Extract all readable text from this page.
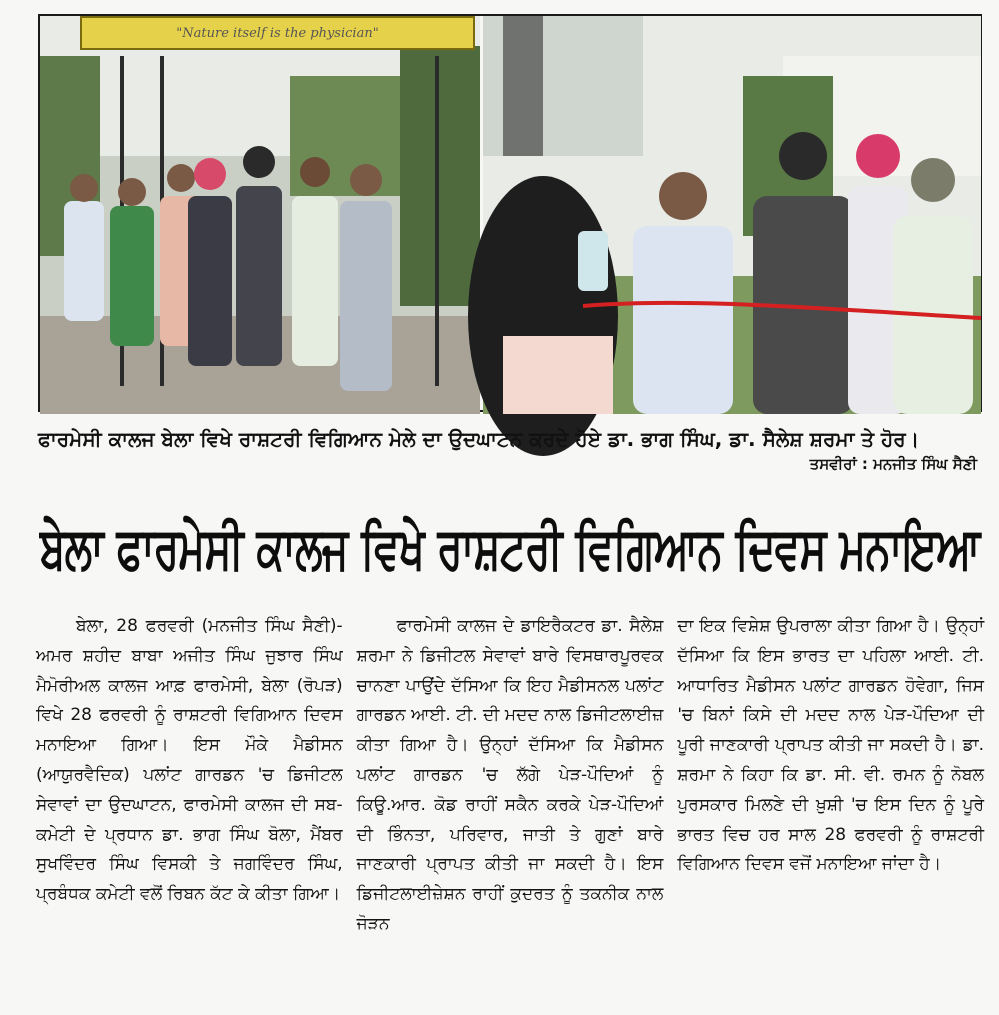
"Nature itself is the physician"
ਫਾਰਮੇਸੀ ਕਾਲਜ ਬੇਲਾ ਵਿਖੇ ਰਾਸ਼ਟਰੀ ਵਿਗਿਆਨ ਮੇਲੇ ਦਾ ਉਦਘਾਟਨ ਕਰਦੇ ਹੋਏ ਡਾ. ਭਾਗ ਸਿੰਘ, ਡਾ. ਸੈਲੇਸ਼ ਸ਼ਰਮਾ ਤੇ ਹੋਰ।
ਤਸਵੀਰਾਂ : ਮਨਜੀਤ ਸਿੰਘ ਸੈਣੀ
ਬੇਲਾ ਫਾਰਮੇਸੀ ਕਾਲਜ ਵਿਖੇ ਰਾਸ਼ਟਰੀ ਵਿਗਿਆਨ ਦਿਵਸ ਮਨਾਇਆ

ਬੇਲਾ, 28 ਫਰਵਰੀ (ਮਨਜੀਤ ਸਿੰਘ ਸੈਣੀ)-ਅਮਰ ਸ਼ਹੀਦ ਬਾਬਾ ਅਜੀਤ ਸਿੰਘ ਜੁਝਾਰ ਸਿੰਘ ਮੈਮੋਰੀਅਲ ਕਾਲਜ ਆਫ਼ ਫਾਰਮੇਸੀ, ਬੇਲਾ (ਰੋਪੜ) ਵਿਖੇ 28 ਫਰਵਰੀ ਨੂੰ ਰਾਸ਼ਟਰੀ ਵਿਗਿਆਨ ਦਿਵਸ ਮਨਾਇਆ ਗਿਆ। ਇਸ ਮੌਕੇ ਮੈਡੀਸਨ (ਆਯੁਰਵੈਦਿਕ) ਪਲਾਂਟ ਗਾਰਡਨ 'ਚ ਡਿਜੀਟਲ ਸੇਵਾਵਾਂ ਦਾ ਉਦਘਾਟਨ, ਫਾਰਮੇਸੀ ਕਾਲਜ ਦੀ ਸਬ-ਕਮੇਟੀ ਦੇ ਪ੍ਰਧਾਨ ਡਾ. ਭਾਗ ਸਿੰਘ ਬੋਲਾ, ਮੈਂਬਰ ਸੁਖਵਿੰਦਰ ਸਿੰਘ ਵਿਸਕੀ ਤੇ ਜਗਵਿੰਦਰ ਸਿੰਘ, ਪ੍ਰਬੰਧਕ ਕਮੇਟੀ ਵਲੋਂ ਰਿਬਨ ਕੱਟ ਕੇ ਕੀਤਾ ਗਿਆ।

ਫਾਰਮੇਸੀ ਕਾਲਜ ਦੇ ਡਾਇਰੈਕਟਰ ਡਾ. ਸੈਲੇਸ਼ ਸ਼ਰਮਾ ਨੇ ਡਿਜੀਟਲ ਸੇਵਾਵਾਂ ਬਾਰੇ ਵਿਸਥਾਰਪੂਰਵਕ ਚਾਨਣਾ ਪਾਉਂਦੇ ਦੱਸਿਆ ਕਿ ਇਹ ਮੈਡੀਸਨਲ ਪਲਾਂਟ ਗਾਰਡਨ ਆਈ. ਟੀ. ਦੀ ਮਦਦ ਨਾਲ ਡਿਜੀਟਲਾਈਜ਼ ਕੀਤਾ ਗਿਆ ਹੈ। ਉਨ੍ਹਾਂ ਦੱਸਿਆ ਕਿ ਮੈਡੀਸਨ ਪਲਾਂਟ ਗਾਰਡਨ 'ਚ ਲੱਗੇ ਪੇੜ-ਪੌਦਿਆਂ ਨੂੰ ਕਿਊ.ਆਰ. ਕੋਡ ਰਾਹੀਂ ਸਕੈਨ ਕਰਕੇ ਪੇੜ-ਪੌਦਿਆਂ ਦੀ ਭਿੰਨਤਾ, ਪਰਿਵਾਰ, ਜਾਤੀ ਤੇ ਗੁਣਾਂ ਬਾਰੇ ਜਾਣਕਾਰੀ ਪ੍ਰਾਪਤ ਕੀਤੀ ਜਾ ਸਕਦੀ ਹੈ। ਇਸ ਡਿਜੀਟਲਾਈਜ਼ੇਸ਼ਨ ਰਾਹੀਂ ਕੁਦਰਤ ਨੂੰ ਤਕਨੀਕ ਨਾਲ ਜੋੜਨ

ਦਾ ਇਕ ਵਿਸ਼ੇਸ਼ ਉਪਰਾਲਾ ਕੀਤਾ ਗਿਆ ਹੈ। ਉਨ੍ਹਾਂ ਦੱਸਿਆ ਕਿ ਇਸ ਭਾਰਤ ਦਾ ਪਹਿਲਾ ਆਈ. ਟੀ. ਆਧਾਰਿਤ ਮੈਡੀਸਨ ਪਲਾਂਟ ਗਾਰਡਨ ਹੋਵੇਗਾ, ਜਿਸ 'ਚ ਬਿਨਾਂ ਕਿਸੇ ਦੀ ਮਦਦ ਨਾਲ ਪੇੜ-ਪੌਦਿਆ ਦੀ ਪੂਰੀ ਜਾਣਕਾਰੀ ਪ੍ਰਾਪਤ ਕੀਤੀ ਜਾ ਸਕਦੀ ਹੈ। ਡਾ. ਸ਼ਰਮਾ ਨੇ ਕਿਹਾ ਕਿ ਡਾ. ਸੀ. ਵੀ. ਰਮਨ ਨੂੰ ਨੋਬਲ ਪੁਰਸਕਾਰ ਮਿਲਣੇ ਦੀ ਖ਼ੁਸ਼ੀ 'ਚ ਇਸ ਦਿਨ ਨੂੰ ਪੂਰੇ ਭਾਰਤ ਵਿਚ ਹਰ ਸਾਲ 28 ਫਰਵਰੀ ਨੂੰ ਰਾਸ਼ਟਰੀ ਵਿਗਿਆਨ ਦਿਵਸ ਵਜੋਂ ਮਨਾਇਆ ਜਾਂਦਾ ਹੈ।
